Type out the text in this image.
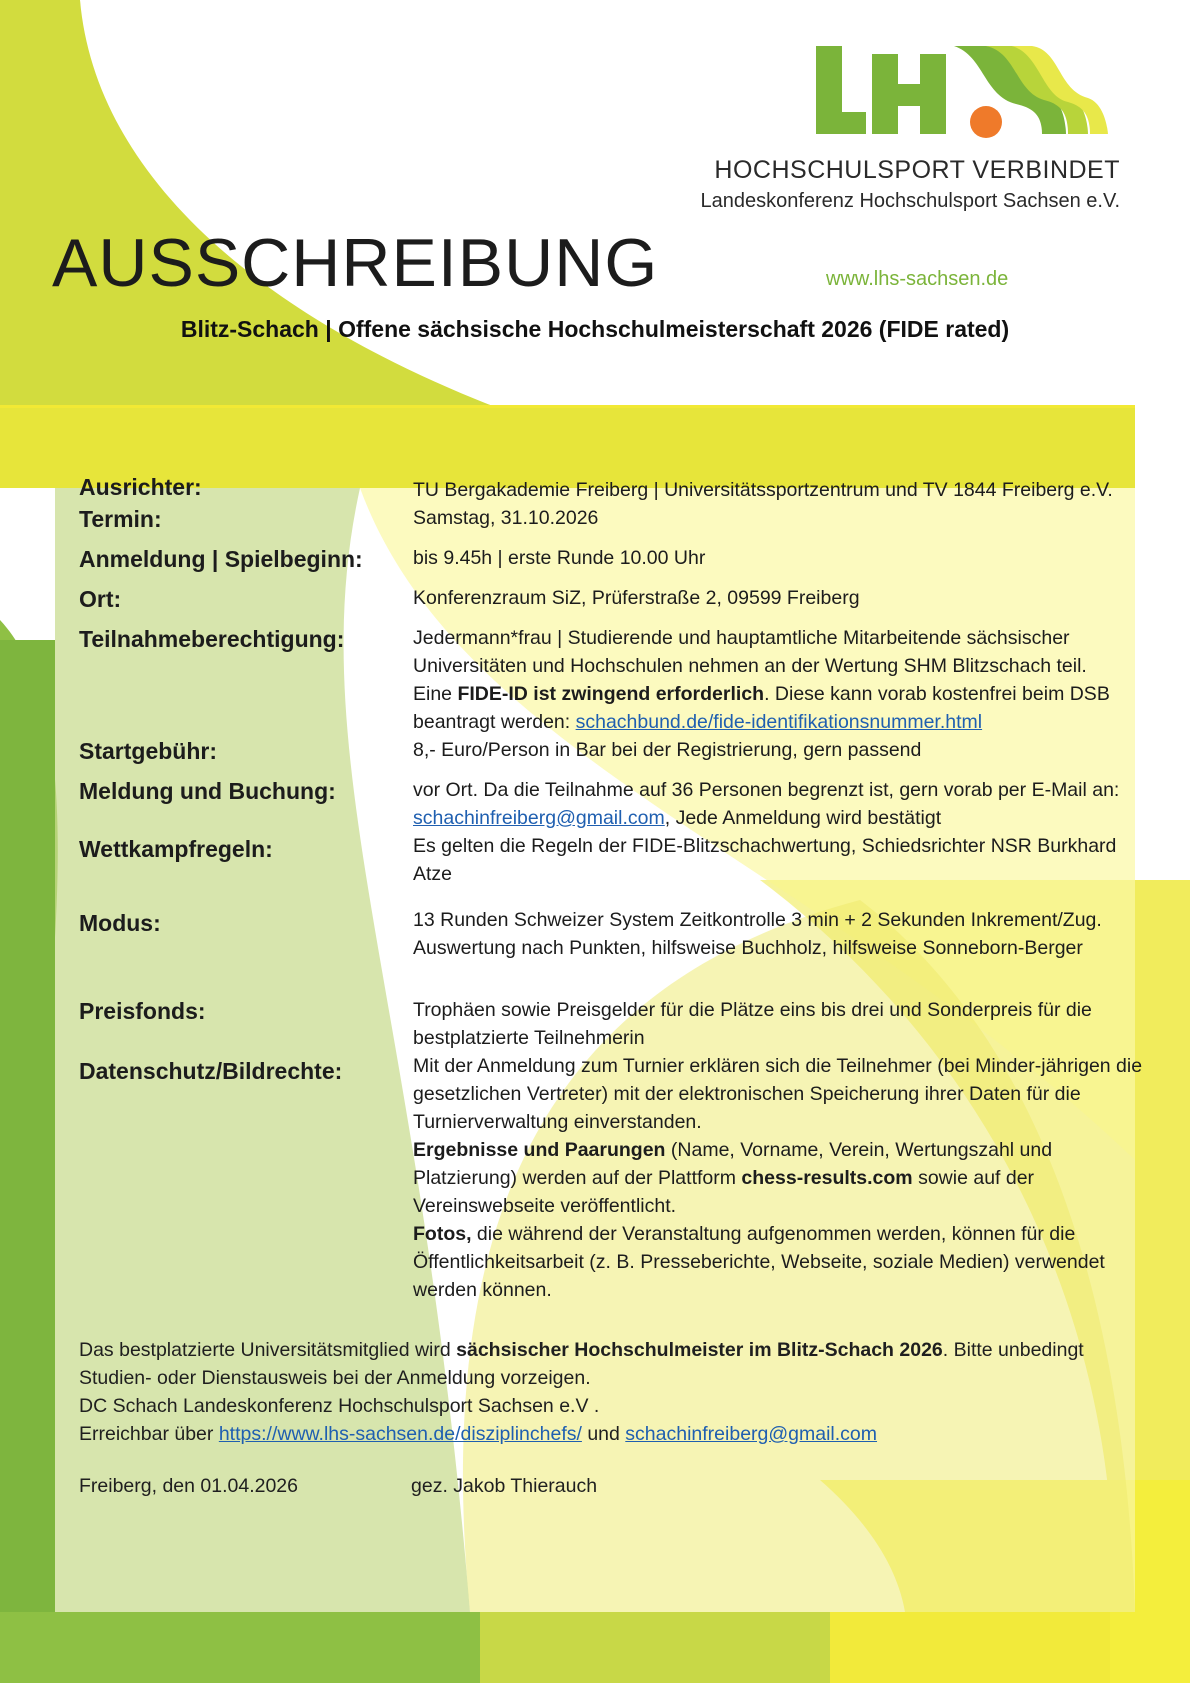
HOCHSCHULSPORT VERBINDET
Landeskonferenz Hochschulsport Sachsen e.V.
www.lhs-sachsen.de
AUSSCHREIBUNG
Blitz-Schach | Offene sächsische Hochschulmeisterschaft 2026 (FIDE rated)
Ausrichter:	TU Bergakademie Freiberg | Universitätssportzentrum und TV 1844 Freiberg e.V.
Termin:	Samstag, 31.10.2026
Anmeldung | Spielbeginn:	bis 9.45h | erste Runde 10.00 Uhr
Ort:	Konferenzraum SiZ, Prüferstraße 2, 09599 Freiberg
Teilnahmeberechtigung:	Jedermann*frau | Studierende und hauptamtliche Mitarbeitende sächsischer Universitäten und Hochschulen nehmen an der Wertung SHM Blitzschach teil.

Eine FIDE-ID ist zwingend erforderlich. Diese kann vorab kostenfrei beim DSB beantragt werden: schachbund.de/fide-identifikationsnummer.html

Startgebühr:	8,- Euro/Person in Bar bei der Registrierung, gern passend
Meldung und Buchung:	vor Ort. Da die Teilnahme auf 36 Personen begrenzt ist, gern vorab per E-Mail an: schachinfreiberg@gmail.com, Jede Anmeldung wird bestätigt
Wettkampfregeln:	Es gelten die Regeln der FIDE-Blitzschachwertung, Schiedsrichter NSR Burkhard Atze
Modus:	13 Runden Schweizer System Zeitkontrolle 3 min + 2 Sekunden Inkrement/Zug.

Auswertung nach Punkten, hilfsweise Buchholz, hilfsweise Sonneborn-Berger

Preisfonds:	Trophäen sowie Preisgelder für die Plätze eins bis drei und Sonderpreis für die bestplatzierte Teilnehmerin
Datenschutz/Bildrechte:	Mit der Anmeldung zum Turnier erklären sich die Teilnehmer (bei Minder-jährigen die gesetzlichen Vertreter) mit der elektronischen Speicherung ihrer Daten für die Turnierverwaltung einverstanden.

Ergebnisse und Paarungen (Name, Vorname, Verein, Wertungszahl und Platzierung) werden auf der Plattform chess-results.com sowie auf der Vereinswebseite veröffentlicht.

Fotos, die während der Veranstaltung aufgenommen werden, können für die Öffentlichkeitsarbeit (z. B. Presseberichte, Webseite, soziale Medien) verwendet werden können.

Das bestplatzierte Universitätsmitglied wird sächsischer Hochschulmeister im Blitz-Schach 2026. Bitte unbedingt Studien- oder Dienstausweis bei der Anmeldung vorzeigen.

DC Schach Landeskonferenz Hochschulsport Sachsen e.V .

Erreichbar über https://www.lhs-sachsen.de/disziplinchefs/ und schachinfreiberg@gmail.com

Freiberg, den 01.04.2026	gez. Jakob Thierauch
